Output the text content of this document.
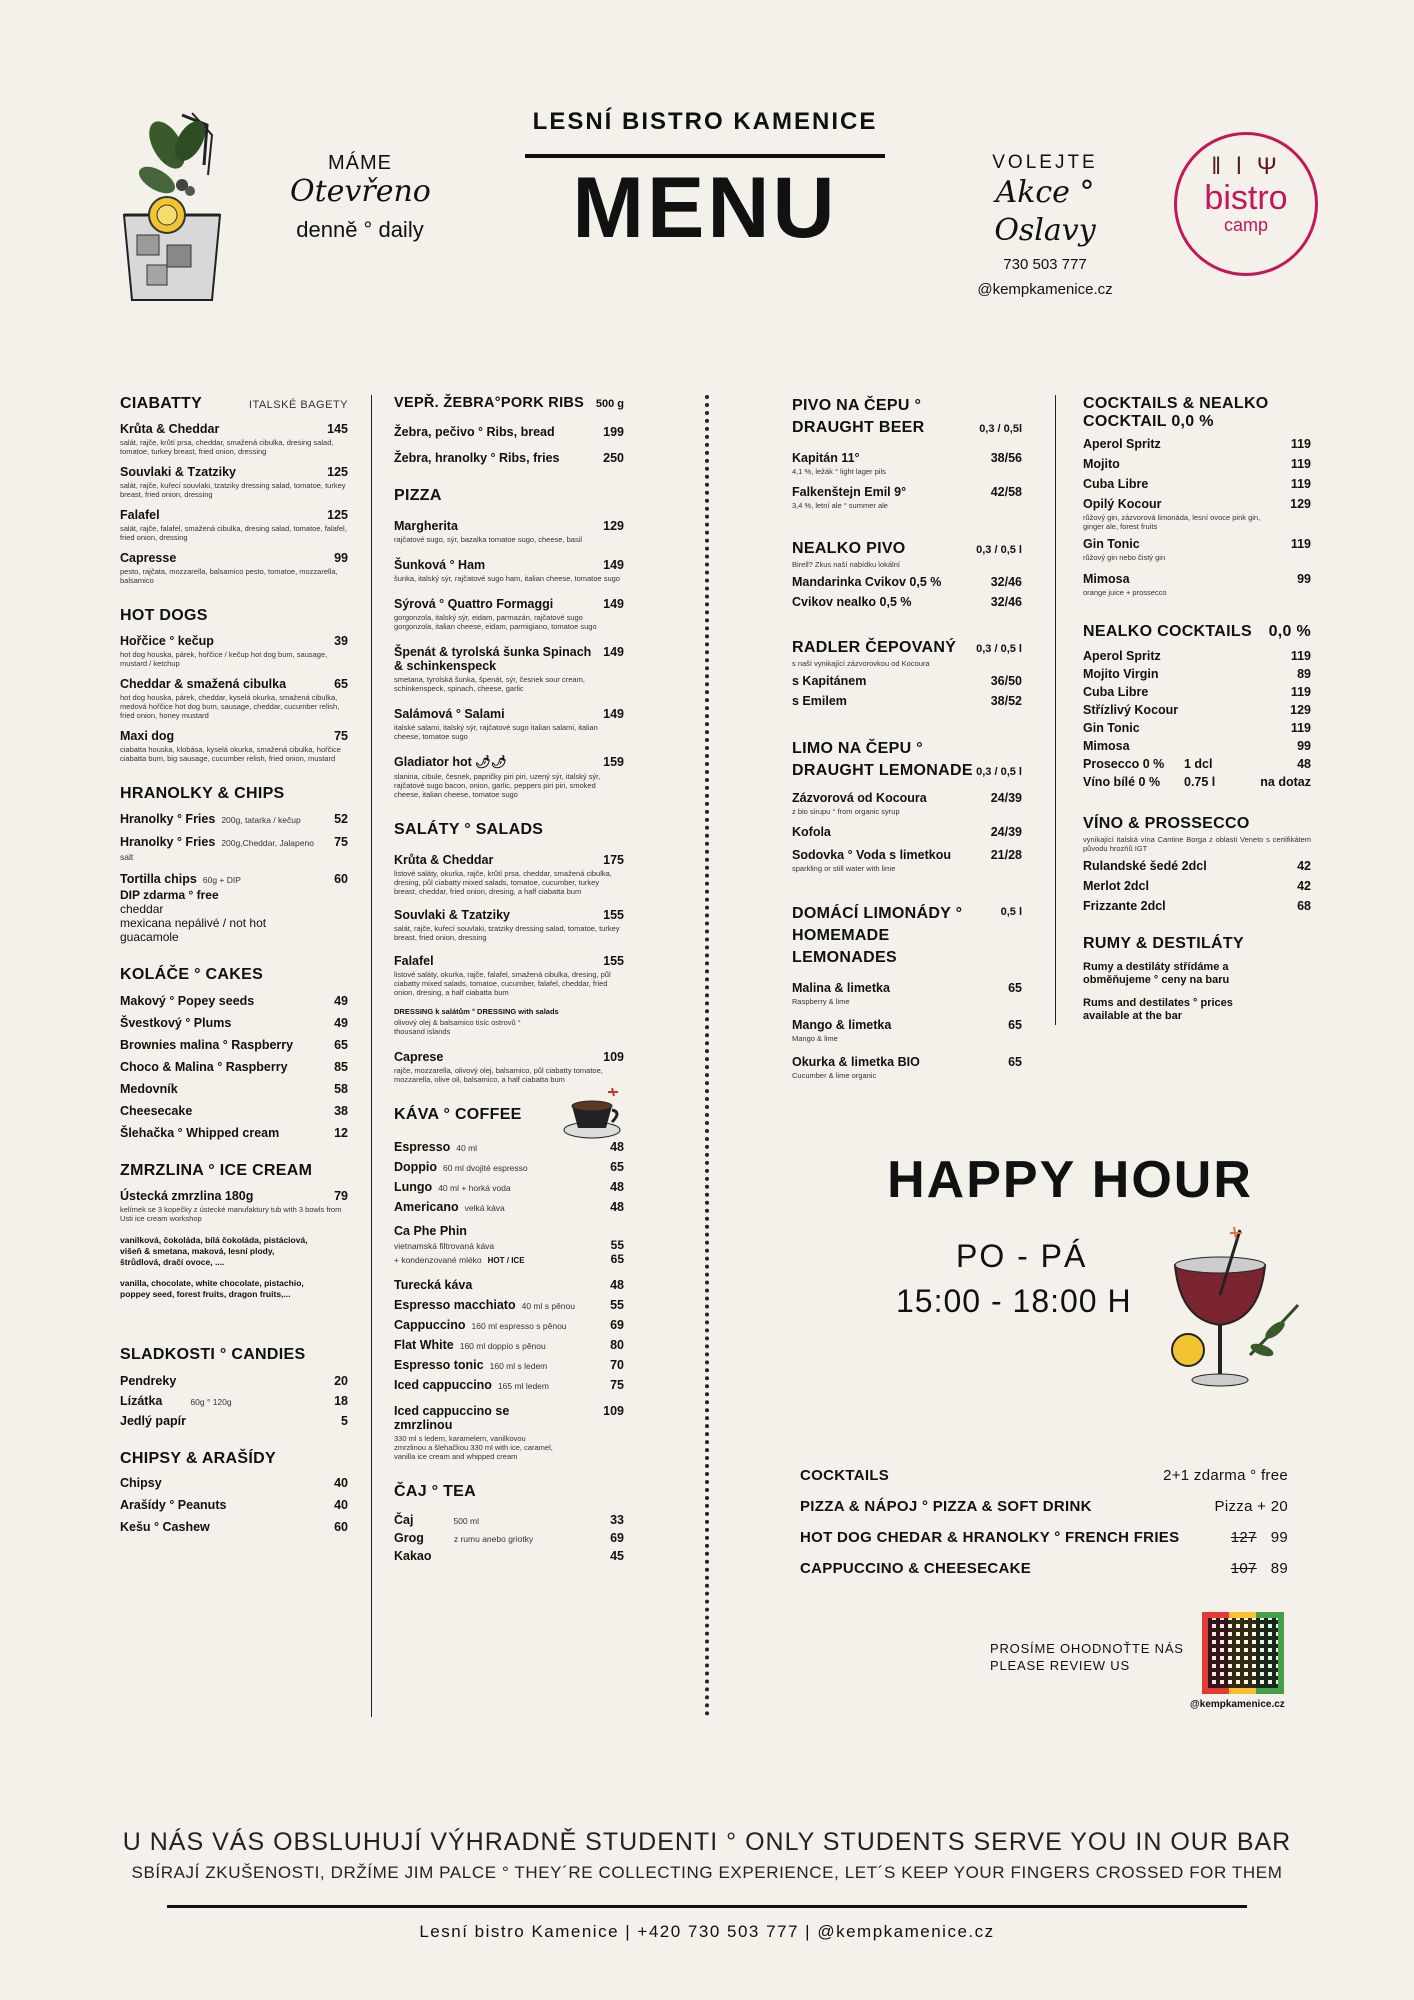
MÁME
Otevřeno
denně ° daily
LESNÍ BISTRO KAMENICE
MENU	VOLEJTE
Akce ° Oslavy
730 503 777
@kempkamenice.cz
ǁ ǀ Ψ
bistro
camp
CIABATTY	ITALSKÉ BAGETY
Krůta & Cheddar	145
salát, rajče, krůtí prsa, cheddar, smažená cibulka, dresing salad, tomatoe, turkey breast, fried onion, dressing
Souvlaki & Tzatziky	125
salát, rajče, kuřecí souvlaki, tzatziky dressing salad, tomatoe, turkey breast, fried onion, dressing
Falafel	125
salát, rajče, falafel, smažená cibulka, dresing salad, tomatoe, falafel, fried onion, dressing
Capresse	99
pesto, rajčata, mozzarella, balsamico pesto, tomatoe, mozzarella, balsamico
HOT DOGS
Hořčice ° kečup	39
hot dog houska, párek, hořčice / kečup hot dog bum, sausage, mustard / ketchup
Cheddar & smažená cibulka	65
hot dog houska, párek, cheddar, kyselá okurka, smažená cibulka, medová hořčice hot dog bum, sausage, cheddar, cucumber relish, fried onion, honey mustard
Maxi dog	75
ciabatta houska, klobása, kyselá okurka, smažená cibulka, hořčice ciabatta bum, big sausage, cucumber relish, fried onion, mustard
HRANOLKY & CHIPS
Hranolky ° Fries 200g, tatarka / kečup	52
Hranolky ° Fries 200g,Cheddar, Jalapeno salt
75
Tortilla chips 60g + DIP	60
DIP zdarma ° free
cheddar
mexicana nepálivé / not hot
guacamole
KOLÁČE ° CAKES
Makový ° Popey seeds	49
Švestkový ° Plums	49
Brownies malina ° Raspberry	65
Choco & Malina ° Raspberry	85
Medovník	58
Cheesecake	38
Šlehačka ° Whipped cream	12
ZMRZLINA ° ICE CREAM
Ústecká zmrzlina 180g	79
kelímek se 3 kopečky z ústecké manufaktury tub with 3 bowls from Usti ice cream workshop
vanilková, čokoláda, bílá čokoláda, pistáciová, višeň & smetana, maková, lesní plody, štrůdlová, dračí ovoce, ....
vanilla, chocolate, white chocolate, pistachio, poppey seed, forest fruits, dragon fruits,...
SLADKOSTI ° CANDIES
Pendreky	20
Lízátka	60g ° 120g	18
Jedlý papír	5
CHIPSY & ARAŠÍDY
Chipsy	40
Arašídy ° Peanuts	40
Kešu ° Cashew	60
VEPŘ. ŽEBRA°PORK RIBS 500 g
Žebra, pečivo ° Ribs, bread	199
Žebra, hranolky ° Ribs, fries	250
PIZZA
Margherita	129
rajčatové sugo, sýr, bazalka tomatoe sugo, cheese, basil
Šunková ° Ham	149
šunka, italský sýr, rajčatové sugo ham, italian cheese, tomatoe sugo
Sýrová ° Quattro Formaggi	149
gorgonzola, italský sýr, eidam, parmazán, rajčatové sugo gorgonzola, italian cheese, eidam, parmigiano, tomatoe sugo
Špenát & tyrolská šunka Spinach & schinkenspeck
149
smetana, tyrolská šunka, špenát, sýr, česnek sour cream, schinkenspeck, spinach, cheese, garlic
Salámová ° Salami	149
italské salami, italský sýr, rajčatové sugo italian salami, italian cheese, tomatoe sugo
Gladiator hot 🌶🌶	159
slanina, cibule, česnek, papričky piri piri, uzený sýr, italský sýr, rajčatové sugo bacon, onion, garlic, peppers piri piri, smoked cheese, italian cheese, tomatoe sugo
SALÁTY ° SALADS
Krůta & Cheddar	175
listové saláty, okurka, rajče, krůtí prsa, cheddar, smažená cibulka, dresing, půl ciabatty mixed salads, tomatoe, cucumber, turkey breast, cheddar, fried onion, dresing, a half ciabatta bum
Souvlaki & Tzatziky	155
salát, rajče, kuřecí souvlaki, tzatziky dressing salad, tomatoe, turkey breast, fried onion, dressing
Falafel	155
listové saláty, okurka, rajče, falafel, smažená cibulka, dresing, půl ciabatty mixed salads, tomatoe, cucumber, falafel, cheddar, fried onion, dresing, a half ciabatta bum
DRESSING k salátům ° DRESSING with salads
olivový olej & balsamico tisíc ostrovů ° thousand islands
Caprese	109
rajče, mozzarella, olivový olej, balsamico, půl ciabatty tomatoe, mozzarella, olive oil, balsamico, a half ciabatta bum
KÁVA ° COFFEE
Espresso 40 ml	48
Doppio 60 ml dvojité espresso	65
Lungo 40 ml + horká voda	48
Americano velká káva	48
Ca Phe Phin
vietnamská filtrovaná káva	55
+ kondenzované mléko HOT / ICE	65
Turecká káva	48
Espresso macchiato 40 ml s pěnou	55
Cappuccino 160 ml espresso s pěnou	69
Flat White 160 ml doppio s pěnou	80
Espresso tonic 160 ml s ledem	70
Iced cappuccino 165 ml ledem	75
Iced cappuccino se zmrzlinou
109
330 ml s ledem, karamelem, vanilkovou zmrzlinou a šlehačkou 330 ml with ice, caramel, vanilla ice cream and whipped cream
ČAJ ° TEA
Čaj	500 ml	33
Grog	z rumu anebo griotky	69
Kakao	45
PIVO NA ČEPU ° DRAUGHT BEER	0,3 / 0,5l
Kapitán 11°	38/56
4,1 %, ležák ° light lager pils
Falkenštejn Emil 9°	42/58
3,4 %, letní ale ° summer ale
NEALKO PIVO	0,3 / 0,5 l
Birell? Zkus naší nabídku lokální
Mandarinka Cvikov 0,5 %	32/46
Cvikov nealko 0,5 %	32/46
RADLER ČEPOVANÝ 0,3 / 0,5 l
s naší vynikající zázvorovkou od Kocoura
s Kapitánem	36/50
s Emilem	38/52
LIMO NA ČEPU ° DRAUGHT LEMONADE 0,3 / 0,5 l
Zázvorová od Kocoura	24/39
z bio sirupu ° from organic syrup
Kofola	24/39
Sodovka ° Voda s limetkou	21/28
sparkling or still water with lime
DOMÁCÍ LIMONÁDY ° HOMEMADE LEMONADES
0,5 l
Malina & limetka	65
Raspberry & lime
Mango & limetka	65
Mango & lime
Okurka & limetka BIO	65
Cucumber & lime organic
COCKTAILS & NEALKO COCKTAIL 0,0 %
Aperol Spritz	119
Mojito	119
Cuba Libre	119
Opilý Kocour	129
růžový gin, zázvorová limonáda, lesní ovoce pink gin, ginger ale, forest fruits
Gin Tonic	119
růžový gin nebo čistý gin
Mimosa	99
orange juice + prossecco
NEALKO COCKTAILS 0,0 %
Aperol Spritz	119
Mojito Virgin	89
Cuba Libre	119
Střízlivý Kocour	129
Gin Tonic	119
Mimosa	99
Prosecco 0 %	1 dcl	48
Víno bílé 0 %	0.75 l	na dotaz
VÍNO & PROSSECCO
vynikající italská vína Cantine Borga z oblasti Veneto s certifikátem původu hrozňů IGT
Rulandské šedé 2dcl	42
Merlot 2dcl	42
Frizzante 2dcl	68
RUMY & DESTILÁTY
Rumy a destiláty střídáme a obměňujeme ° ceny na baru
Rums and destilates ° prices available at the bar
HAPPY HOUR
PO - PÁ
15:00 - 18:00 H
COCKTAILS	2+1 zdarma ° free
PIZZA & NÁPOJ ° PIZZA & SOFT DRINK	Pizza + 20
HOT DOG CHEDAR & HRANOLKY ° FRENCH FRIES	127 99
CAPPUCCINO & CHEESECAKE	107 89
PROSÍME OHODNOŤTE NÁS
PLEASE REVIEW US
@kempkamenice.cz
U NÁS VÁS OBSLUHUJÍ VÝHRADNĚ STUDENTI ° ONLY STUDENTS SERVE YOU IN OUR BAR
SBÍRAJÍ ZKUŠENOSTI, DRŽÍME JIM PALCE ° THEY´RE COLLECTING EXPERIENCE, LET´S KEEP YOUR FINGERS CROSSED FOR THEM
Lesní bistro Kamenice | +420 730 503 777 | @kempkamenice.cz
